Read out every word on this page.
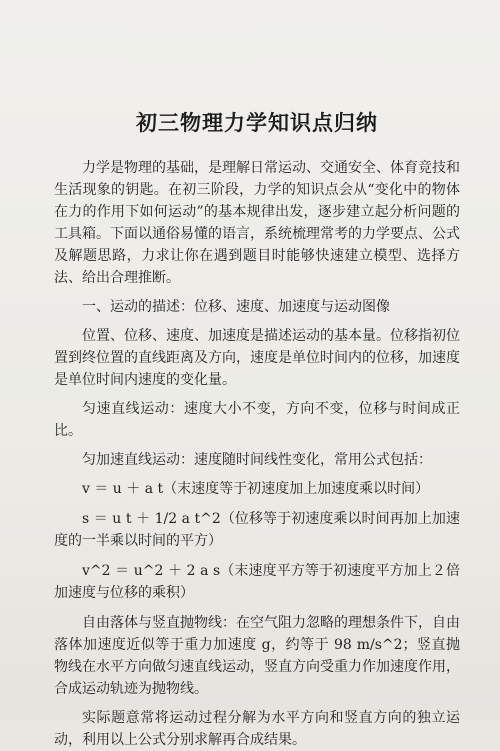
初三物理力学知识点归纳

力学是物理的基础，是理解日常运动、交通安全、体育竞技和生活现象的钥匙。在初三阶段，力学的知识点会从“变化中的物体在力的作用下如何运动”的基本规律出发，逐步建立起分析问题的工具箱。下面以通俗易懂的语言，系统梳理常考的力学要点、公式及解题思路，力求让你在遇到题目时能够快速建立模型、选择方法、给出合理推断。

一、运动的描述：位移、速度、加速度与运动图像

位置、位移、速度、加速度是描述运动的基本量。位移指初位置到终位置的直线距离及方向，速度是单位时间内的位移，加速度是单位时间内速度的变化量。

匀速直线运动：速度大小不变，方向不变，位移与时间成正比。

匀加速直线运动：速度随时间线性变化，常用公式包括：

v ＝ u ＋ a t（末速度等于初速度加上加速度乘以时间）

s ＝ u t ＋ 1/2 a t^2（位移等于初速度乘以时间再加上加速度的一半乘以时间的平方）

v^2 ＝ u^2 ＋ 2 a s（末速度平方等于初速度平方加上２倍加速度与位移的乘积）

自由落体与竖直抛物线：在空气阻力忽略的理想条件下，自由落体加速度近似等于重力加速度 g，约等于 98 m/s^2；竖直抛物线在水平方向做匀速直线运动，竖直方向受重力作加速度作用，合成运动轨迹为抛物线。

实际题意常将运动过程分解为水平方向和竖直方向的独立运动，利用以上公式分别求解再合成结果。
